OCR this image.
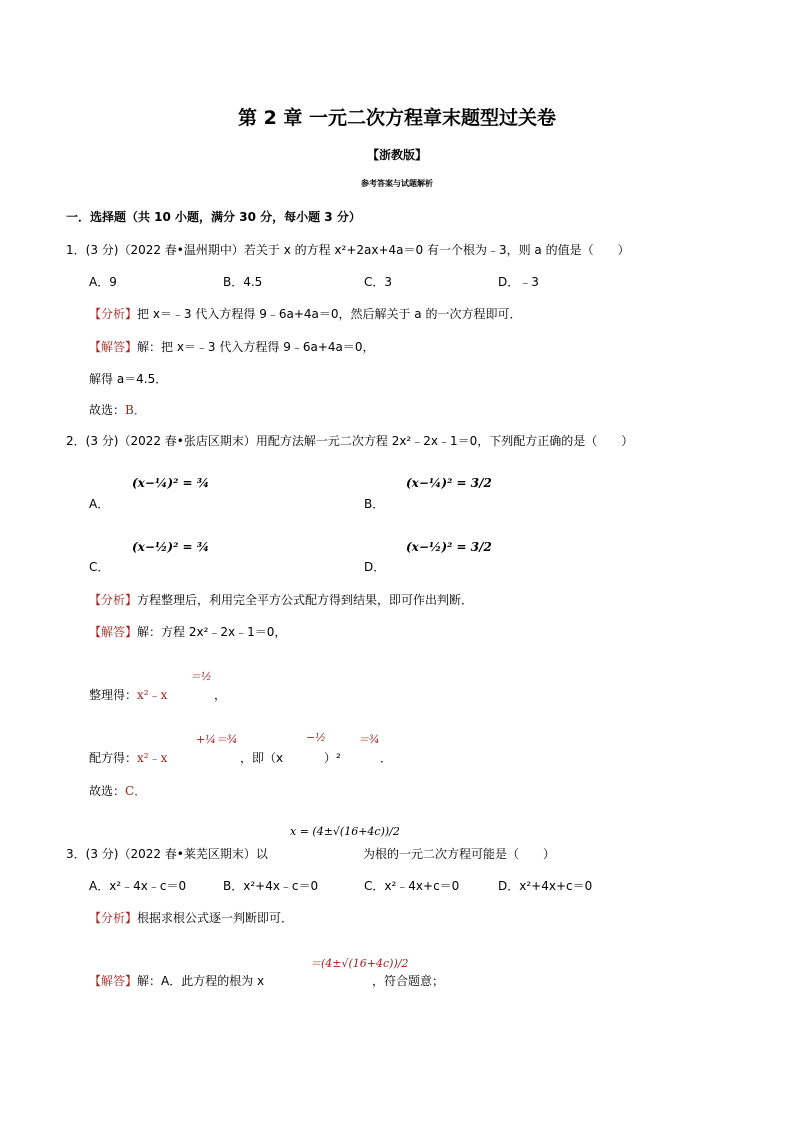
第 2 章 一元二次方程章末题型过关卷
【浙教版】
参考答案与试题解析
一．选择题（共 10 小题，满分 30 分，每小题 3 分）
1．(3 分)（2022 春•温州期中）若关于 x 的方程 x²+2ax+4a＝0 有一个根为﹣3，则 a 的值是（　　）
A．9	B．4.5	C．3	D．﹣3
【分析】把 x＝﹣3 代入方程得 9﹣6a+4a＝0，然后解关于 a 的一次方程即可．
【解答】解：把 x＝﹣3 代入方程得 9﹣6a+4a＝0，
解得 a＝4.5．
故选：B．
2．(3 分)（2022 春•张店区期末）用配方法解一元二次方程 2x²﹣2x﹣1＝0，下列配方正确的是（　　）
A．
(x−¼)² = ¾
B．
(x−¼)² = 3/2
C．
(x−½)² = ¾
D．
(x−½)² = 3/2
【分析】方程整理后，利用完全平方公式配方得到结果，即可作出判断．
【解答】解：方程 2x²﹣2x﹣1＝0，
整理得：x²﹣x
＝½
，
配方得：x²﹣x
+¼＝¾
，即（x
−½
）²
＝¾
．
故选：C．
x = (4±√(16+4c))/2
3．(3 分)（2022 春•莱芜区期末）以	为根的一元二次方程可能是（　　）
A．x²﹣4x﹣c＝0	B．x²+4x﹣c＝0	C．x²﹣4x+c＝0	D．x²+4x+c＝0
【分析】根据求根公式逐一判断即可．
【解答】解：A．此方程的根为 x
＝(4±√(16+4c))/2
，符合题意；
